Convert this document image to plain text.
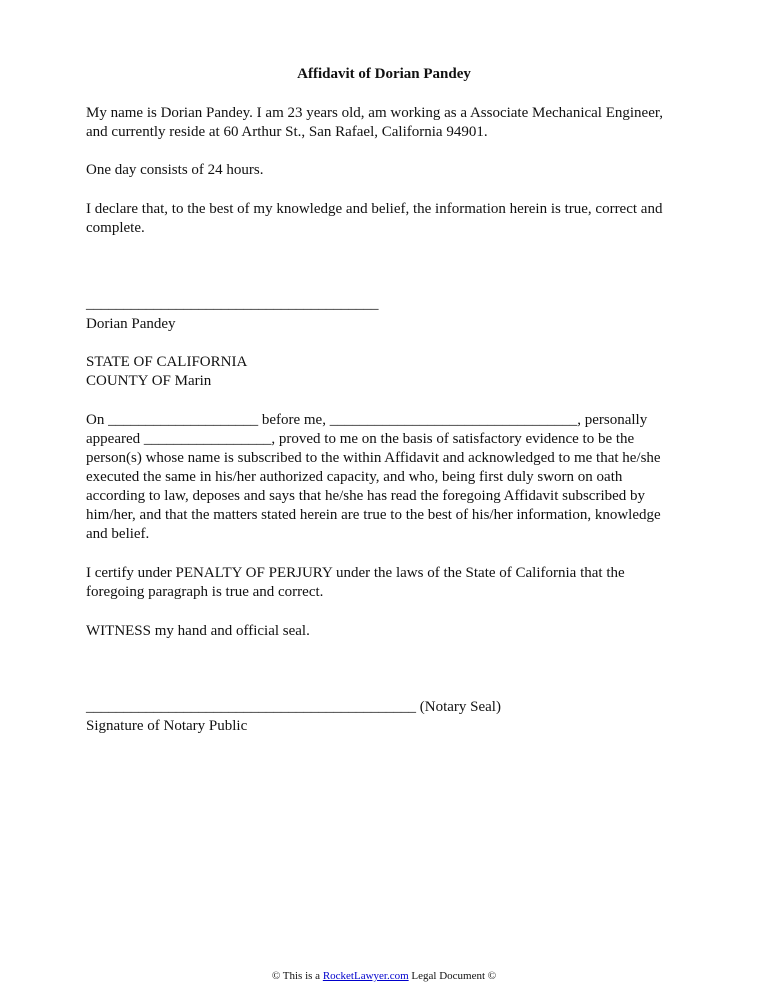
Affidavit of Dorian Pandey

My name is Dorian Pandey. I am 23 years old, am working as a Associate Mechanical Engineer, and currently reside at 60 Arthur St., San Rafael, California 94901.

One day consists of 24 hours.

I declare that, to the best of my knowledge and belief, the information herein is true, correct and complete.

_______________________________________
Dorian Pandey
STATE OF CALIFORNIA
COUNTY OF Marin

On ____________________ before me, _________________________________, personally appeared _________________, proved to me on the basis of satisfactory evidence to be the person(s) whose name is subscribed to the within Affidavit and acknowledged to me that he/she executed the same in his/her authorized capacity, and who, being first duly sworn on oath according to law, deposes and says that he/she has read the foregoing Affidavit subscribed by him/her, and that the matters stated herein are true to the best of his/her information, knowledge and belief.

I certify under PENALTY OF PERJURY under the laws of the State of California that the foregoing paragraph is true and correct.

WITNESS my hand and official seal.

____________________________________________ (Notary Seal)
Signature of Notary Public
© This is a RocketLawyer.com Legal Document ©
